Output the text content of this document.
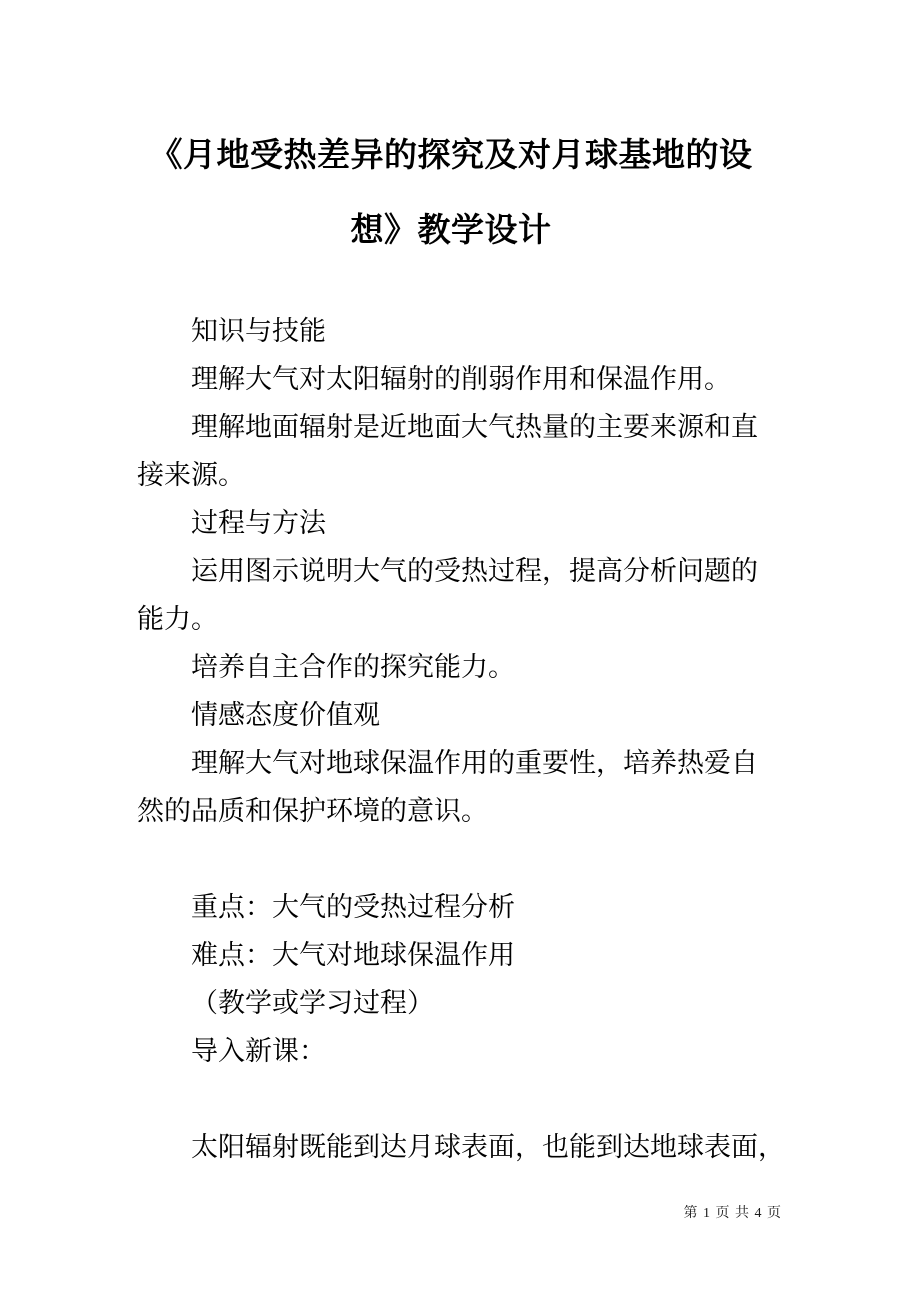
《月地受热差异的探究及对月球基地的设
想》教学设计
知识与技能
理解大气对太阳辐射的削弱作用和保温作用。
理解地面辐射是近地面大气热量的主要来源和直
接来源。
过程与方法
运用图示说明大气的受热过程，提高分析问题的
能力。
培养自主合作的探究能力。
情感态度价值观
理解大气对地球保温作用的重要性，培养热爱自
然的品质和保护环境的意识。
重点：大气的受热过程分析
难点：大气对地球保温作用
（教学或学习过程）
导入新课：
太阳辐射既能到达月球表面，也能到达地球表面，
第 1 页 共 4 页
